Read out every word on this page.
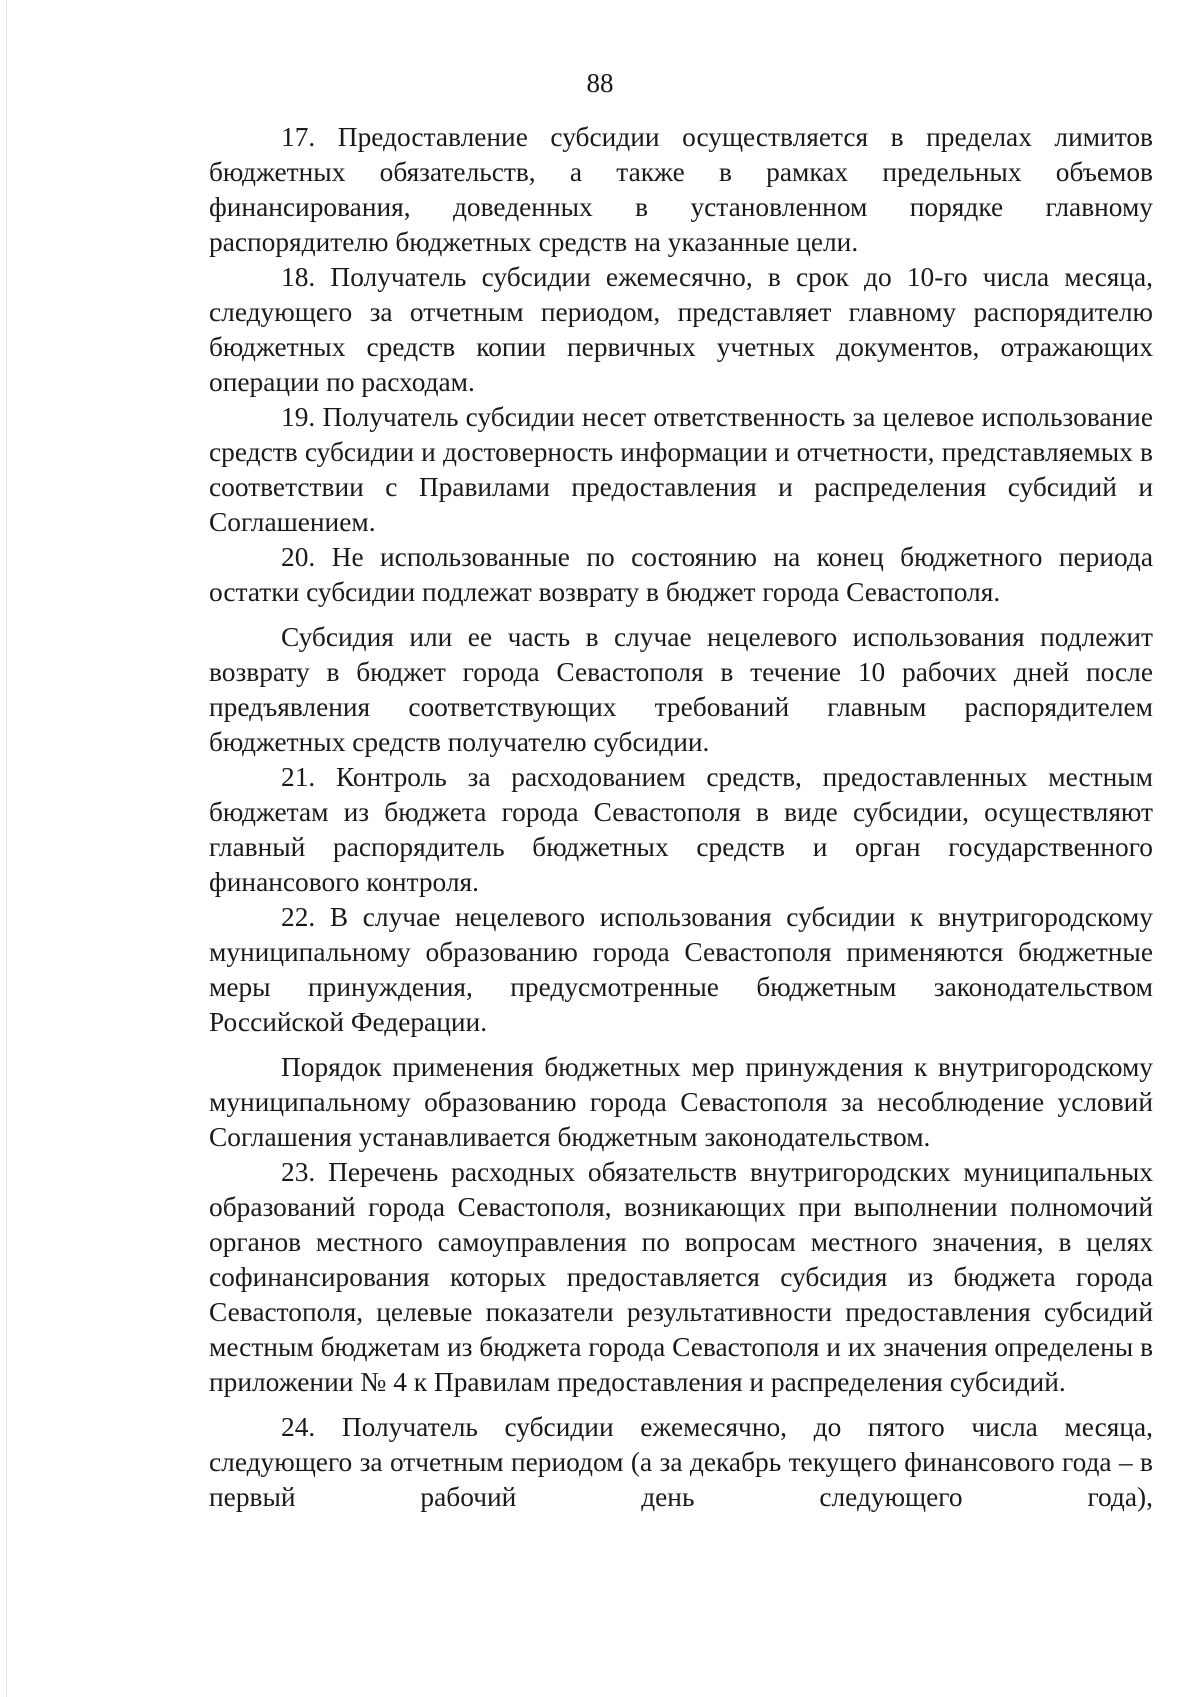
88

17. Предоставление субсидии осуществляется в пределах лимитов бюджетных обязательств, а также в рамках предельных объемов финансирования, доведенных в установленном порядке главному распорядителю бюджетных средств на указанные цели.

18. Получатель субсидии ежемесячно, в срок до 10-го числа месяца, следующего за отчетным периодом, представляет главному распорядителю бюджетных средств копии первичных учетных документов, отражающих операции по расходам.

19. Получатель субсидии несет ответственность за целевое использование средств субсидии и достоверность информации и отчетности, представляемых в соответствии с Правилами предоставления и распределения субсидий и Соглашением.

20. Не использованные по состоянию на конец бюджетного периода остатки субсидии подлежат возврату в бюджет города Севастополя.

Субсидия или ее часть в случае нецелевого использования подлежит возврату в бюджет города Севастополя в течение 10 рабочих дней после предъявления соответствующих требований главным распорядителем бюджетных средств получателю субсидии.

21. Контроль за расходованием средств, предоставленных местным бюджетам из бюджета города Севастополя в виде субсидии, осуществляют главный распорядитель бюджетных средств и орган государственного финансового контроля.

22. В случае нецелевого использования субсидии к внутригородскому муниципальному образованию города Севастополя применяются бюджетные меры принуждения, предусмотренные бюджетным законодательством Российской Федерации.

Порядок применения бюджетных мер принуждения к внутригородскому муниципальному образованию города Севастополя за несоблюдение условий Соглашения устанавливается бюджетным законодательством.

23. Перечень расходных обязательств внутригородских муниципальных образований города Севастополя, возникающих при выполнении полномочий органов местного самоуправления по вопросам местного значения, в целях софинансирования которых предоставляется субсидия из бюджета города Севастополя, целевые показатели результативности предоставления субсидий местным бюджетам из бюджета города Севастополя и их значения определены в приложении № 4 к Правилам предоставления и распределения субсидий.

24. Получатель субсидии ежемесячно, до пятого числа месяца, следующего за отчетным периодом (а за декабрь текущего финансового года – в первый рабочий день следующего года),
